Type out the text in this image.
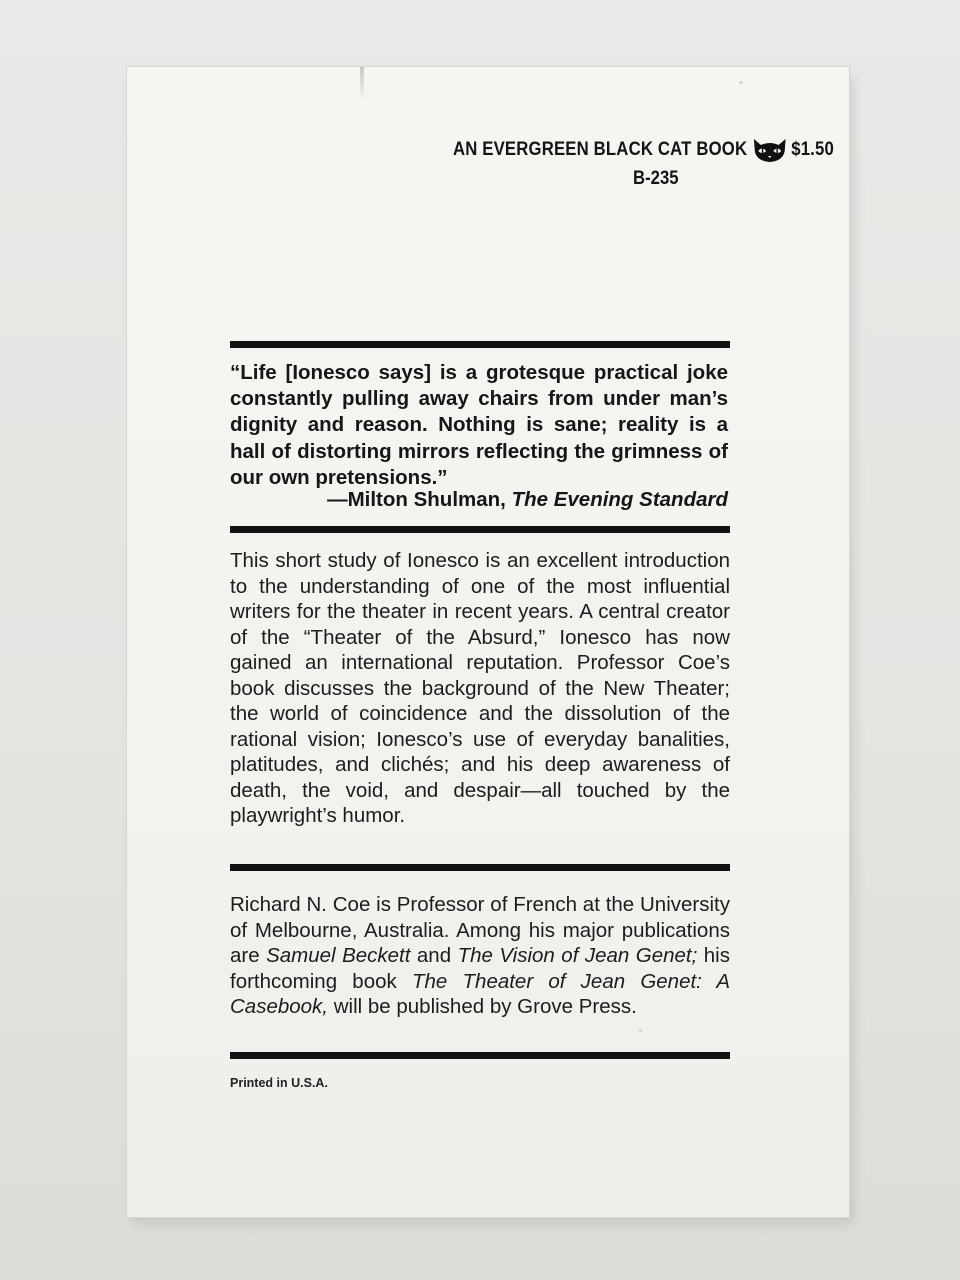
AN EVERGREEN BLACK CAT BOOK $1.50
B-235

“Life [Ionesco says] is a grotesque practical joke constantly pulling away chairs from under man’s dignity and reason. Nothing is sane; reality is a hall of distorting mirrors reflecting the grimness of our own pretensions.”

—Milton Shulman, The Evening Standard

This short study of Ionesco is an excellent introduction to the understanding of one of the most influential writers for the theater in recent years. A central creator of the “Theater of the Absurd,” Ionesco has now gained an international reputation. Professor Coe’s book discusses the background of the New Theater; the world of coincidence and the dissolution of the rational vision; Ionesco’s use of everyday banalities, platitudes, and clichés; and his deep awareness of death, the void, and despair—all touched by the playwright’s humor.

Richard N. Coe is Professor of French at the University of Melbourne, Australia. Among his major publications are Samuel Beckett and The Vision of Jean Genet; his forthcoming book The Theater of Jean Genet: A Casebook, will be published by Grove Press.

Printed in U.S.A.
